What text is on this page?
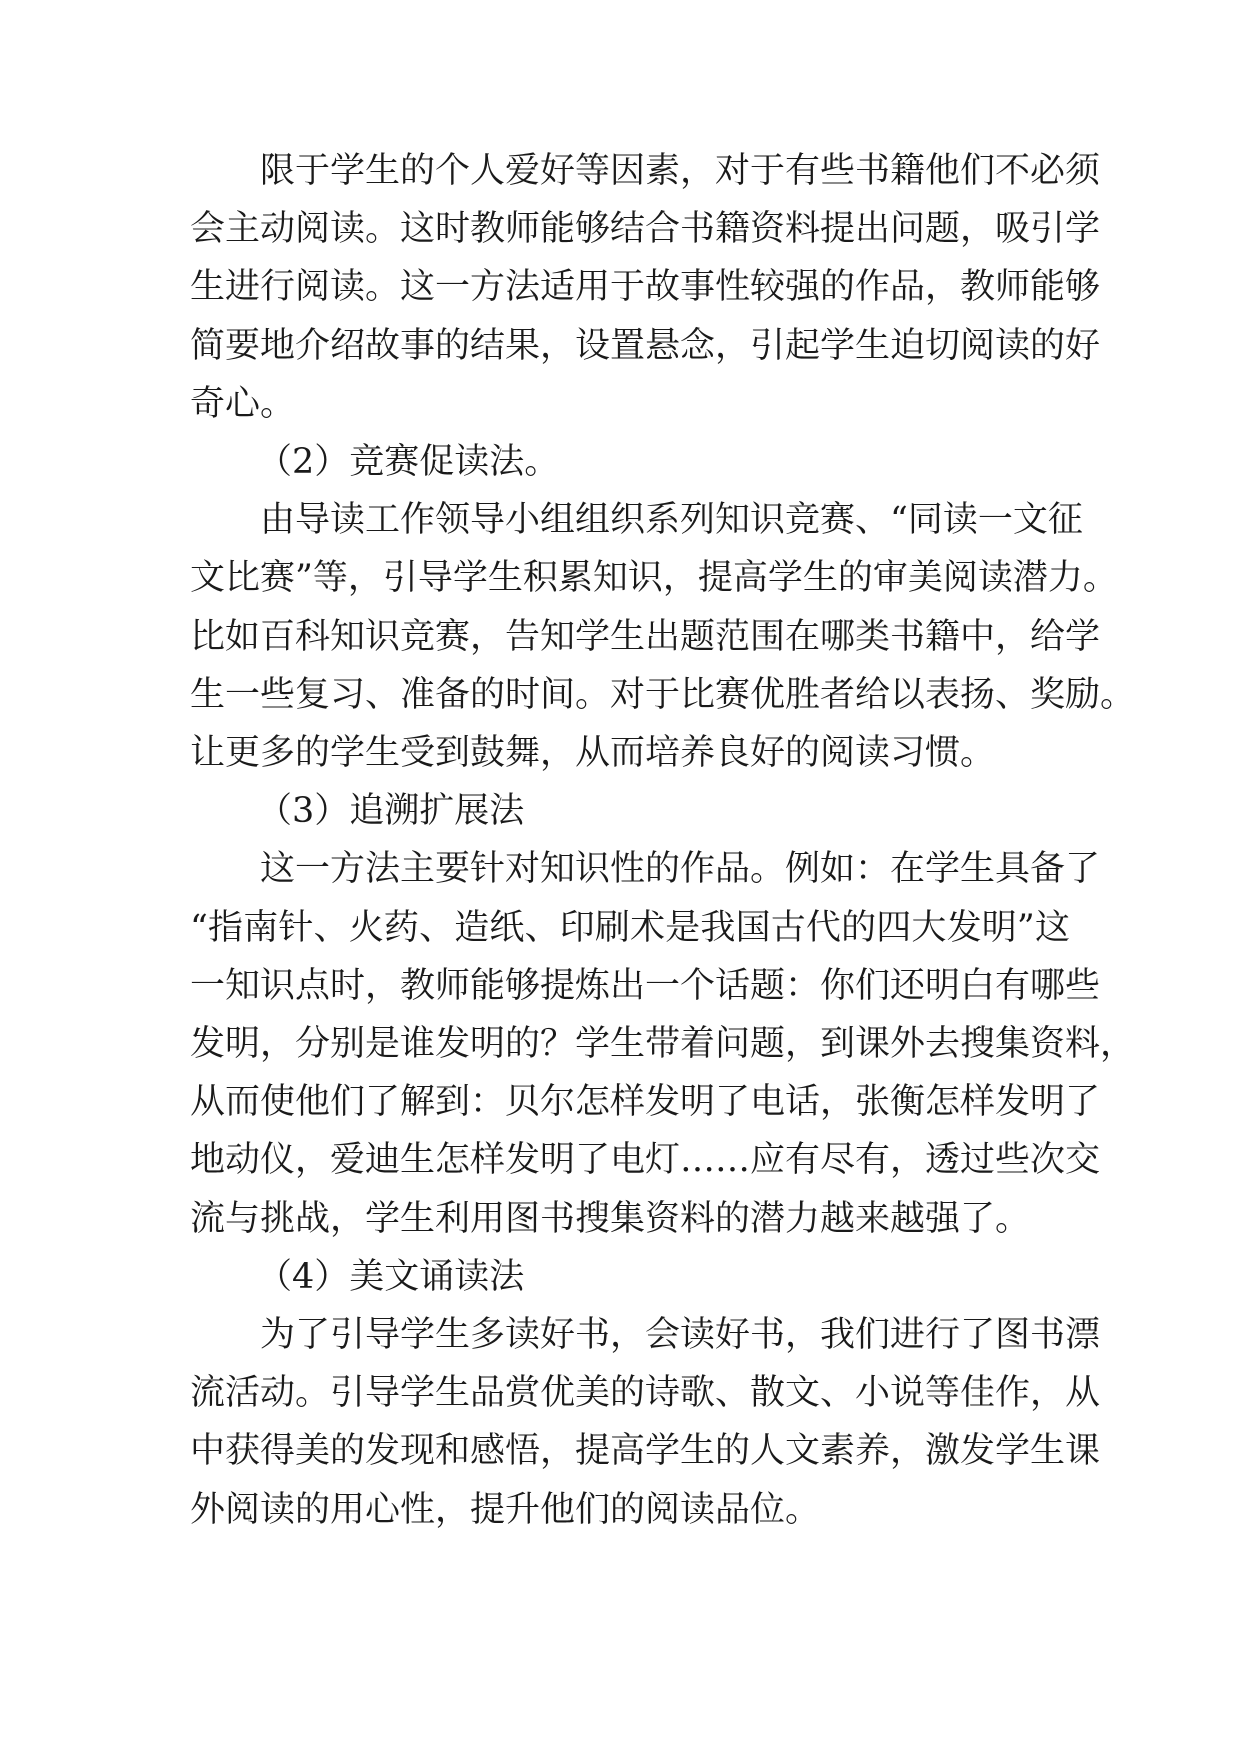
　　限于学生的个人爱好等因素，对于有些书籍他们不必须
会主动阅读。这时教师能够结合书籍资料提出问题，吸引学
生进行阅读。这一方法适用于故事性较强的作品，教师能够
简要地介绍故事的结果，设置悬念，引起学生迫切阅读的好
奇心。
（2）竞赛促读法。
　　由导读工作领导小组组织系列知识竞赛、“同读一文征
文比赛”等，引导学生积累知识，提高学生的审美阅读潜力。
比如百科知识竞赛，告知学生出题范围在哪类书籍中，给学
生一些复习、准备的时间。对于比赛优胜者给以表扬、奖励。
让更多的学生受到鼓舞，从而培养良好的阅读习惯。
（3）追溯扩展法
　　这一方法主要针对知识性的作品。例如：在学生具备了
“指南针、火药、造纸、印刷术是我国古代的四大发明”这
一知识点时，教师能够提炼出一个话题：你们还明白有哪些
发明，分别是谁发明的？学生带着问题，到课外去搜集资料，
从而使他们了解到：贝尔怎样发明了电话，张衡怎样发明了
地动仪，爱迪生怎样发明了电灯……应有尽有，透过些次交
流与挑战，学生利用图书搜集资料的潜力越来越强了。
（4）美文诵读法
　　为了引导学生多读好书，会读好书，我们进行了图书漂
流活动。引导学生品赏优美的诗歌、散文、小说等佳作，从
中获得美的发现和感悟，提高学生的人文素养，激发学生课
外阅读的用心性，提升他们的阅读品位。
